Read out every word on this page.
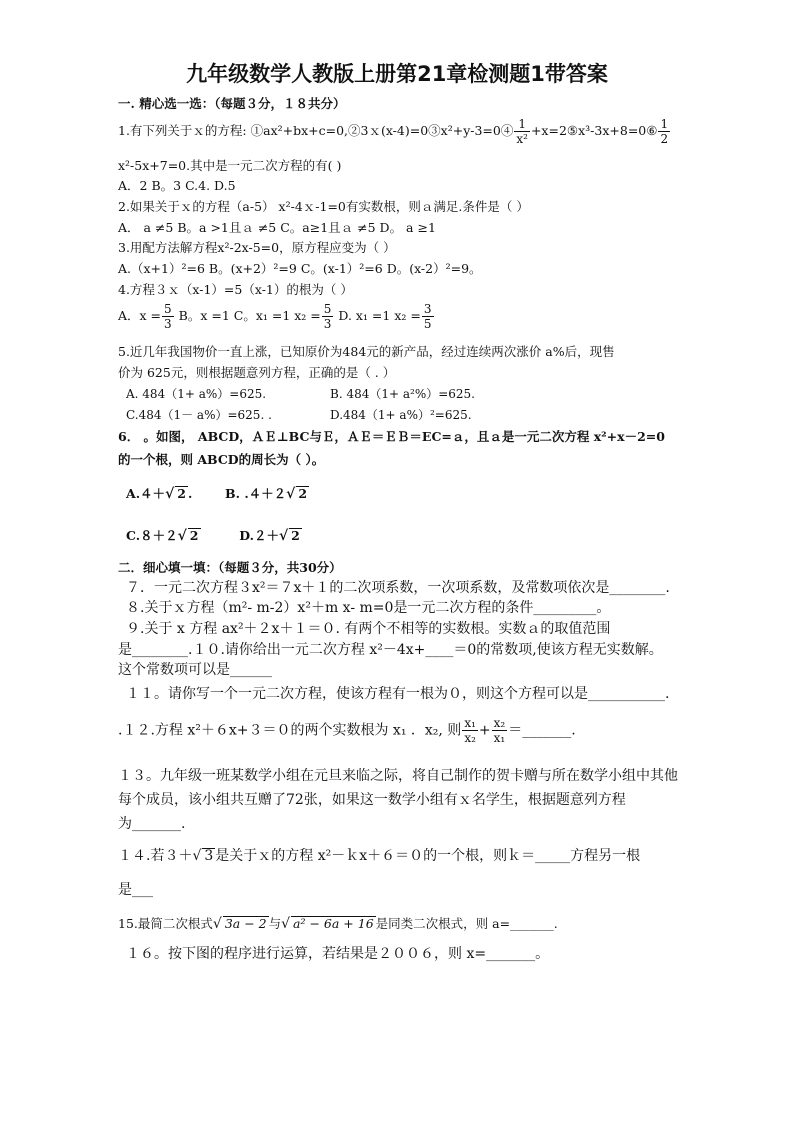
九年级数学人教版上册第21章检测题1带答案
一. 精心选一选：（每题３分，１８共分）
1.有下列关于ｘ的方程: ①ax²+bx+c=0,②3ｘ(x-4)=0③x²+y-3=0④ $\frac{1}{\text{x²}}$ +x=2⑤x³-3x+8=0⑥ $\frac{1}{2}$
x²-5x+7=0.其中是一元二次方程的有( )
A．2 B。3 C.4. D.5
2.如果关于ｘ的方程（a-5） x²-4ｘ-1=0有实数根，则ａ满足.条件是（ ）
A． a ≠5 B。a >1且ａ ≠5 C。a≥1且ａ ≠5 D。 a ≥1
3.用配方法解方程x²-2x-5=0，原方程应变为（ ）
A.（x+1）²=6 B。(x+2）²=9 C。(x-1）²=6 D。(x-2）²=9。
4.方程３ｘ（x-1）=5（x-1）的根为（ ）
A．$x = \frac{5}{3}$ B。x =1 C。x₁ =1 $x_2 = \frac{5}{3} D$. x₁ =1 $x_2 = \frac{3}{5}$
5.近几年我国物价一直上涨，已知原价为484元的新产品，经过连续两次涨价 a%后，现售
价为 625元，则根据题意列方程，正确的是（ . ）
A. 484（1+ a%）=625.	B. 484（1+ a²%）=625.
C.484（1－ a%）=625. .	D.484（1+ a%）²=625.
6． 。如图， ABCD，ＡＥ⊥BC与Ｅ，ＡＥ＝ＥＢ＝EC=ａ，且ａ是一元二次方程 x²+x－2=0
的一个根，则 ABCD的周长为（ ）。
A.４＋√ 2 .	B. .４＋２√ 2
C.８＋２√ 2	D.２＋√ 2
二．细心填一填：（每题３分，共30分）
７．一元二次方程３x²＝７x＋１的二次项系数，一次项系数，及常数项依次是________.
８.关于ｘ方程（m²- m-2）x²＋m x- m=0是一元二次方程的条件_________。
９.关于 x 方程 ax²＋２x＋１＝０. 有两个不相等的实数根。实数ａ的取值范围
是________.１０.请你给出一元二次方程 x²－4x+____＝0的常数项,使该方程无实数解。
这个常数项可以是______
１１。请你写一个一元二次方程，使该方程有一根为０，则这个方程可以是___________.
.１２.方程 x²＋６x+３＝０的两个实数根为 x₁ ．x₂, 则 $\frac{\text{x₁}}{\text{x₂}} + \frac{\text{x₂}}{\text{x₁}}$ ＝_______.
１３。九年级一班某数学小组在元旦来临之际，将自己制作的贺卡赠与所在数学小组中其他
每个成员，该小组共互赠了72张，如果这一数学小组有ｘ名学生，根据题意列方程
为_______.
１４.若３＋√ 3 是关于ｘ的方程 x²－ｋx＋６＝０的一个根，则ｋ＝_____方程另一根
是___
15.最简二次根式√ 3a − 2 与√ a² − 6a + 16 是同类二次根式，则 a=_______.
１６。按下图的程序进行运算，若结果是２００６，则 x=_______。
